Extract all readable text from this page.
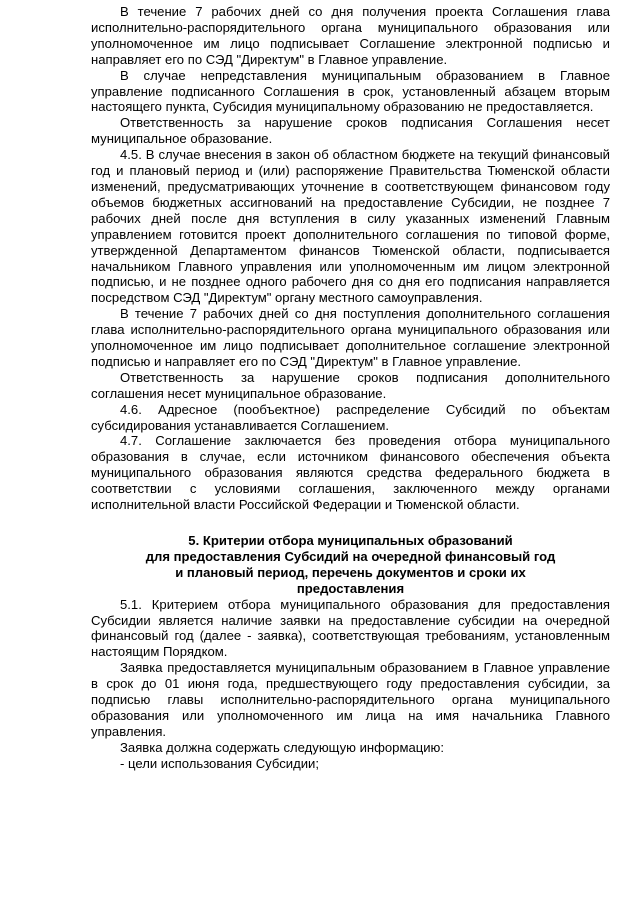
В течение 7 рабочих дней со дня получения проекта Соглашения глава исполнительно-распорядительного органа муниципального образования или уполномоченное им лицо подписывает Соглашение электронной подписью и направляет его по СЭД "Директум" в Главное управление.

В случае непредставления муниципальным образованием в Главное управление подписанного Соглашения в срок, установленный абзацем вторым настоящего пункта, Субсидия муниципальному образованию не предоставляется.

Ответственность за нарушение сроков подписания Соглашения несет муниципальное образование.

4.5. В случае внесения в закон об областном бюджете на текущий финансовый год и плановый период и (или) распоряжение Правительства Тюменской области изменений, предусматривающих уточнение в соответствующем финансовом году объемов бюджетных ассигнований на предоставление Субсидии, не позднее 7 рабочих дней после дня вступления в силу указанных изменений Главным управлением готовится проект дополнительного соглашения по типовой форме, утвержденной Департаментом финансов Тюменской области, подписывается начальником Главного управления или уполномоченным им лицом электронной подписью, и не позднее одного рабочего дня со дня его подписания направляется посредством СЭД "Директум" органу местного самоуправления.

В течение 7 рабочих дней со дня поступления дополнительного соглашения глава исполнительно-распорядительного органа муниципального образования или уполномоченное им лицо подписывает дополнительное соглашение электронной подписью и направляет его по СЭД "Директум" в Главное управление.

Ответственность за нарушение сроков подписания дополнительного соглашения несет муниципальное образование.

4.6. Адресное (пообъектное) распределение Субсидий по объектам субсидирования устанавливается Соглашением.

4.7. Соглашение заключается без проведения отбора муниципального образования в случае, если источником финансового обеспечения объекта муниципального образования являются средства федерального бюджета в соответствии с условиями соглашения, заключенного между органами исполнительной власти Российской Федерации и Тюменской области.

5. Критерии отбора муниципальных образований

для предоставления Субсидий на очередной финансовый год

и плановый период, перечень документов и сроки их

предоставления

5.1. Критерием отбора муниципального образования для предоставления Субсидии является наличие заявки на предоставление субсидии на очередной финансовый год (далее - заявка), соответствующая требованиям, установленным настоящим Порядком.

Заявка предоставляется муниципальным образованием в Главное управление в срок до 01 июня года, предшествующего году предоставления субсидии, за подписью главы исполнительно-распорядительного органа муниципального образования или уполномоченного им лица на имя начальника Главного управления.

Заявка должна содержать следующую информацию:

- цели использования Субсидии;
